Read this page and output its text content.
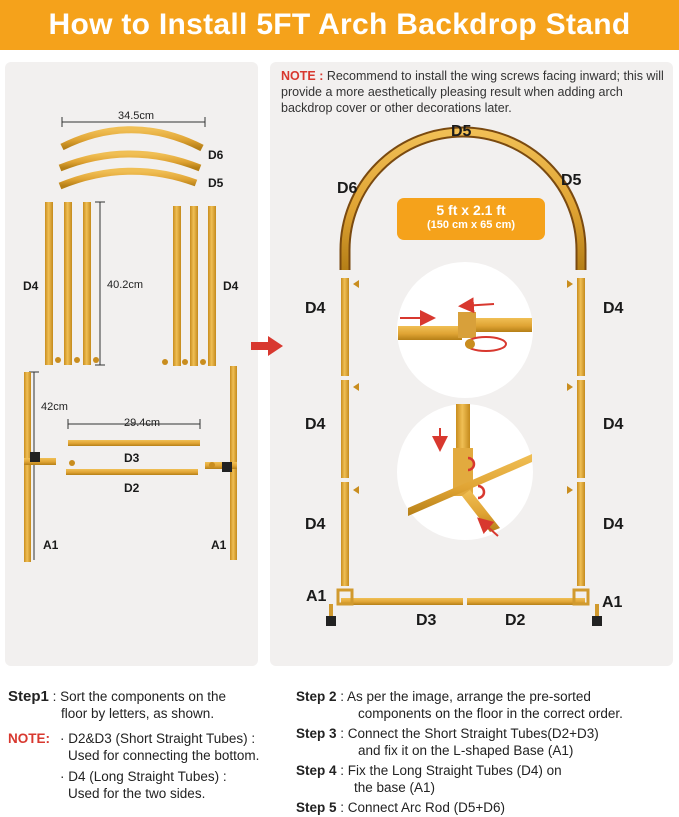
How to Install 5FT Arch Backdrop Stand
NOTE : Recommend to install the wing screws facing inward; this will provide a more aesthetically pleasing result when adding arch backdrop cover or other decorations later.
34.5cm
D6
D5
D4	D4
40.2cm
42cm
29.4cm
D3
D2
A1	A1
D5
D6	D5
D4
D4
D4
D4
D4
D4
A1	A1
D3	D2
5 ft x 2.1 ft
(150 cm x 65 cm)
Step1 : Sort the components on the
floor by letters, as shown.
NOTE: · D2&D3 (Short Straight Tubes) :
Used for connecting the bottom.
· D4 (Long Straight Tubes) :
Used for the two sides.
Step 2 : As per the image, arrange the pre-sorted
components on the floor in the correct order.
Step 3 : Connect the Short Straight Tubes(D2+D3)
and fix it on the L-shaped Base (A1)
Step 4 : Fix the Long Straight Tubes (D4) on
the base (A1)
Step 5 : Connect Arc Rod (D5+D6)
